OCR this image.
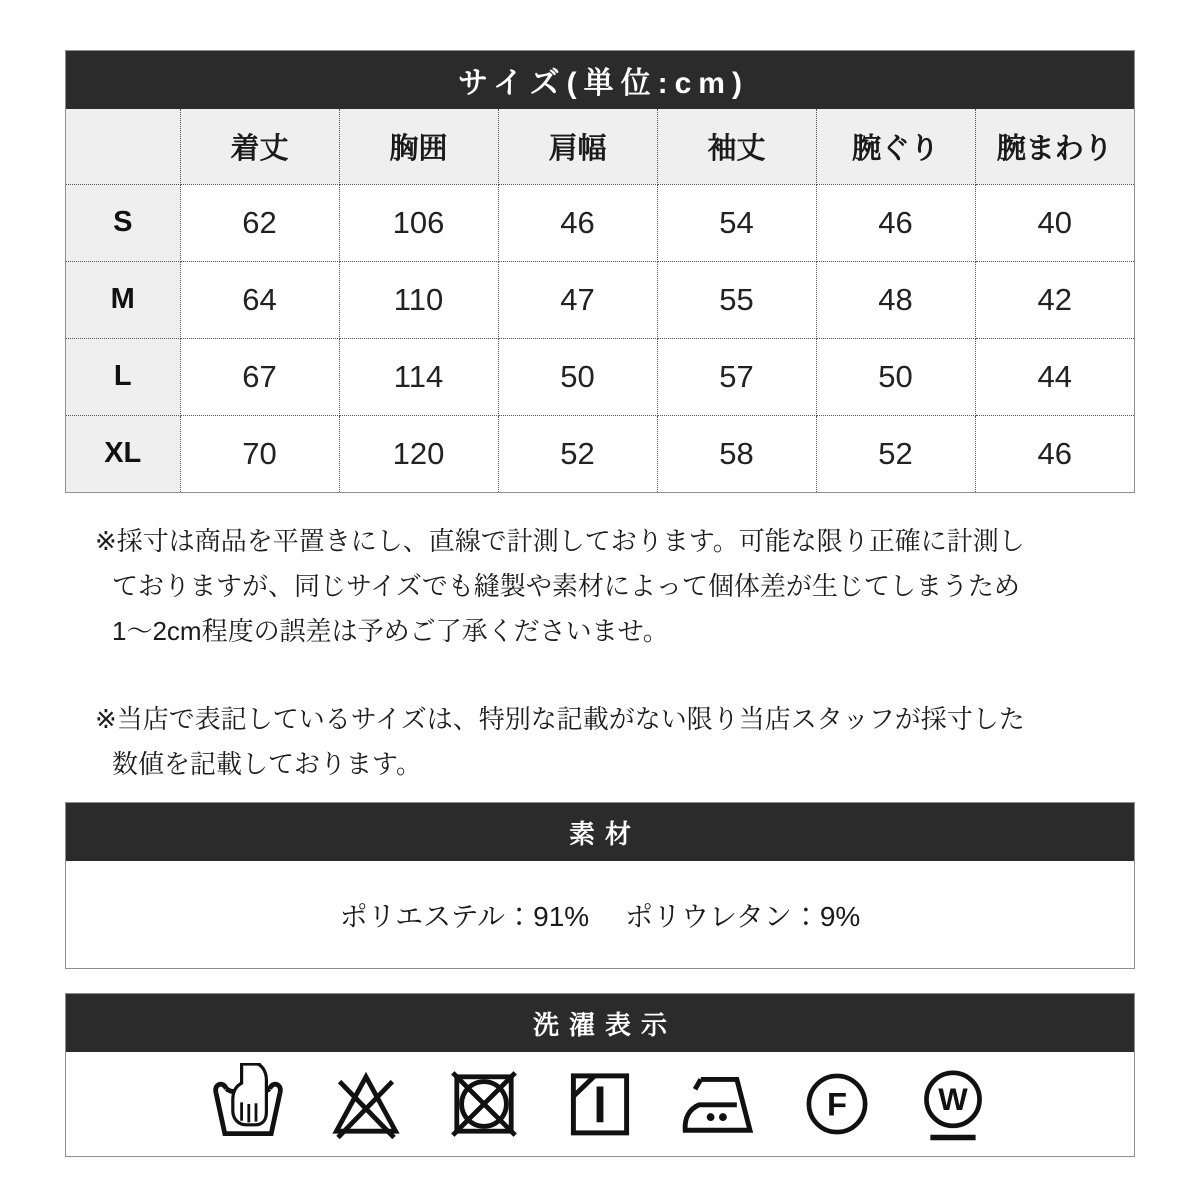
サイズ(単位:cm)
	着丈	胸囲	肩幅	袖丈	腕ぐり	腕まわり
S	62	106	46	54	46	40
M	64	110	47	55	48	42
L	67	114	50	57	50	44
XL	70	120	52	58	52	46
※採寸は商品を平置きにし、直線で計測しております。可能な限り正確に計測し
ておりますが、同じサイズでも縫製や素材によって個体差が生じてしまうため
1〜2cm程度の誤差は予めご了承くださいませ。
※当店で表記しているサイズは、特別な記載がない限り当店スタッフが採寸した
数値を記載しております。
素材
ポリエステル：91%　 ポリウレタン：9%
洗濯表示
F W
